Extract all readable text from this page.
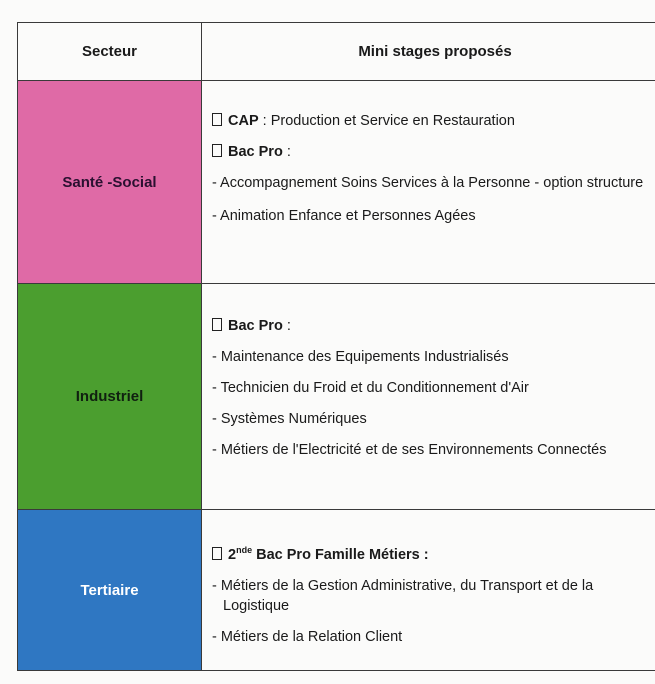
Secteur	Mini stages proposés
Santé -Social

CAP : Production et Service en Restauration

Bac Pro :

- Accompagnement Soins Services à la Personne - option structure

- Animation Enfance et Personnes Agées

Industriel

Bac Pro :

- Maintenance des Equipements Industrialisés

- Technicien du Froid et du Conditionnement d'Air

- Systèmes Numériques

- Métiers de l'Electricité et de ses Environnements Connectés

Tertiaire

2nde Bac Pro Famille Métiers :

- Métiers de la Gestion Administrative, du Transport et de la Logistique

- Métiers de la Relation Client
